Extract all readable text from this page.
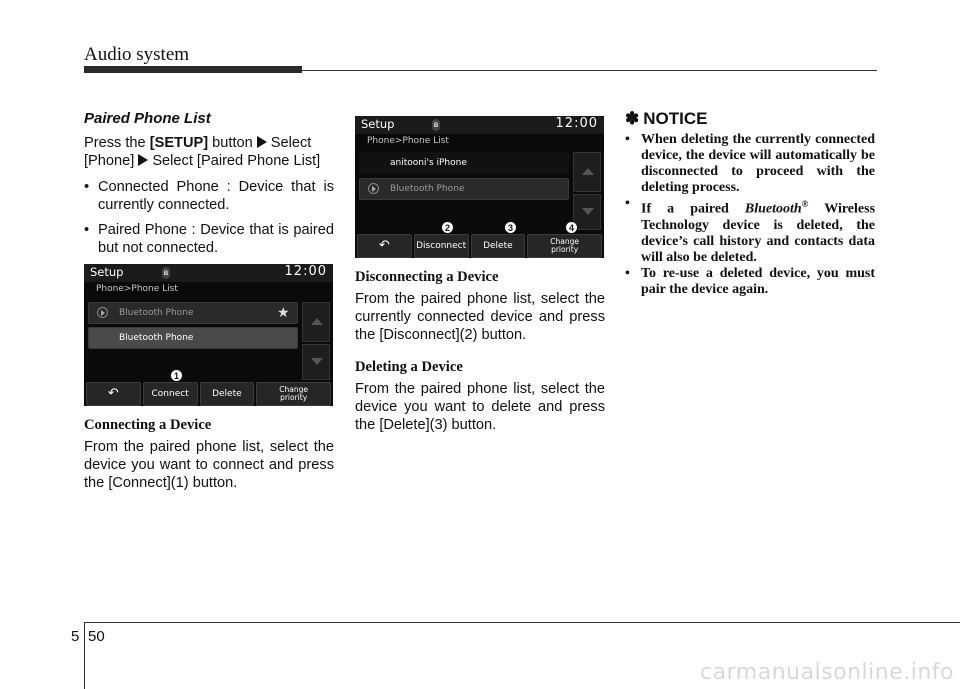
Audio system

Paired Phone List

Press the [SETUP] button Select
[Phone] Select [Paired Phone List]

• Connected Phone : Device that is currently connected.
• Paired Phone : Device that is paired but not connected.
Setup	ʙ	12:00
Phone>Phone List
Bluetooth Phone	★
Bluetooth Phone
↶	Connect	Delete	Change priority
1

Connecting a Device

From the paired phone list, select the device you want to connect and press the [Connect](1) button.

Setup	ʙ	12:00
Phone>Phone List
anitooni's iPhone
Bluetooth Phone
↶	Disconnect	Delete	Change priority
2	3	4

Disconnecting a Device

From the paired phone list, select the currently connected device and press the [Disconnect](2) button.

Deleting a Device

From the paired phone list, select the device you want to delete and press the [Delete](3) button.

✽ NOTICE

• When deleting the currently connected device, the device will automatically be disconnected to proceed with the deleting process.
• If a paired Bluetooth® Wireless Technology device is deleted, the device’s call history and contacts data will also be deleted.
• To re-use a deleted device, you must pair the device again.
5 50
carmanualsonline.info
